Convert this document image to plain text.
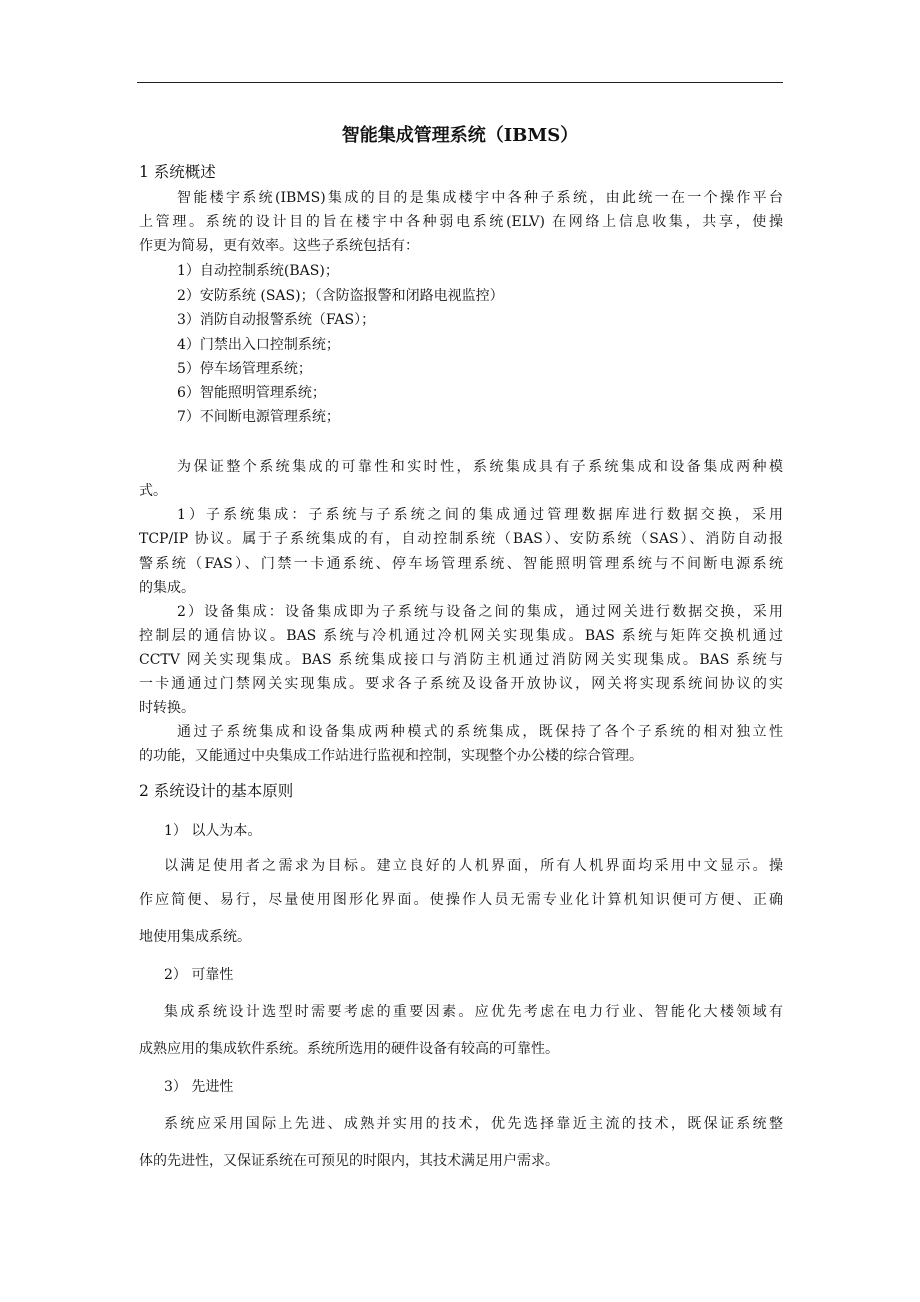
智能集成管理系统（IBMS）
1 系统概述
智能楼宇系统(IBMS)集成的目的是集成楼宇中各种子系统，由此统一在一个操作平台
上管理。系统的设计目的旨在楼宇中各种弱电系统(ELV) 在网络上信息收集，共享，使操
作更为简易，更有效率。这些子系统包括有：
1）自动控制系统(BAS)；
2）安防系统 (SAS)；（含防盗报警和闭路电视监控）
3）消防自动报警系统（FAS）；
4）门禁出入口控制系统；
5）停车场管理系统；
6）智能照明管理系统；
7）不间断电源管理系统；
为保证整个系统集成的可靠性和实时性，系统集成具有子系统集成和设备集成两种模
式。
1）子系统集成：子系统与子系统之间的集成通过管理数据库进行数据交换，采用
TCP/IP 协议。属于子系统集成的有，自动控制系统（BAS）、安防系统（SAS）、消防自动报
警系统（FAS）、门禁一卡通系统、停车场管理系统、智能照明管理系统与不间断电源系统
的集成。
2）设备集成：设备集成即为子系统与设备之间的集成，通过网关进行数据交换，采用
控制层的通信协议。BAS 系统与冷机通过冷机网关实现集成。BAS 系统与矩阵交换机通过
CCTV 网关实现集成。BAS 系统集成接口与消防主机通过消防网关实现集成。BAS 系统与
一卡通通过门禁网关实现集成。要求各子系统及设备开放协议，网关将实现系统间协议的实
时转换。
通过子系统集成和设备集成两种模式的系统集成，既保持了各个子系统的相对独立性
的功能，又能通过中央集成工作站进行监视和控制，实现整个办公楼的综合管理。
2 系统设计的基本原则
1） 以人为本。
以满足使用者之需求为目标。建立良好的人机界面，所有人机界面均采用中文显示。操
作应简便、易行，尽量使用图形化界面。使操作人员无需专业化计算机知识便可方便、正确
地使用集成系统。
2） 可靠性
集成系统设计选型时需要考虑的重要因素。应优先考虑在电力行业、智能化大楼领域有
成熟应用的集成软件系统。系统所选用的硬件设备有较高的可靠性。
3） 先进性
系统应采用国际上先进、成熟并实用的技术，优先选择靠近主流的技术，既保证系统整
体的先进性，又保证系统在可预见的时限内，其技术满足用户需求。
